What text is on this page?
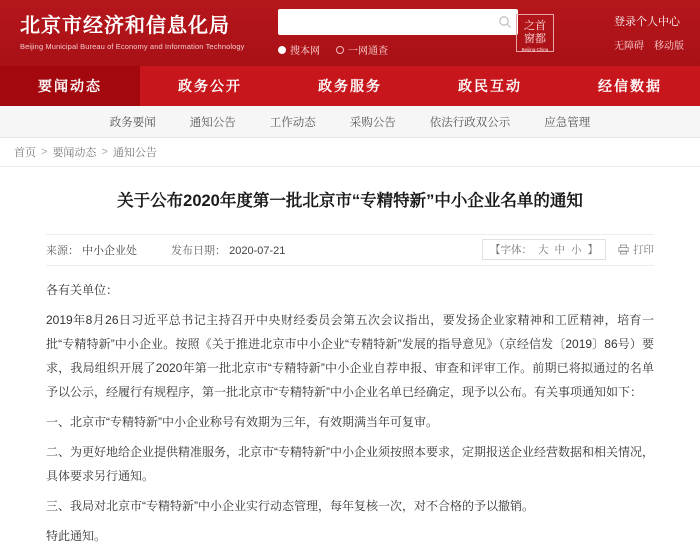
北京市经济和信息化局
Beijing Municipal Bureau of Economy and Information Technology	搜本网	一网通查
之首 窗都
Beijing-China
登录个人中心
无障碍 移动版
要闻动态	政务公开	政务服务	政民互动	经信数据
政务要闻	通知公告	工作动态	采购公告	依法行政双公示	应急管理
首页 > 要闻动态 > 通知公告
关于公布2020年度第一批北京市“专精特新”中小企业名单的通知
来源： 中小企业处	发布日期： 2020-07-21	【字体： 大 中 小 】	打印

各有关单位：

2019年8月26日习近平总书记主持召开中央财经委员会第五次会议指出，要发扬企业家精神和工匠精神，培育一批“专精特新”中小企业。按照《关于推进北京市中小企业“专精特新”发展的指导意见》（京经信发〔2019〕86号）要求，我局组织开展了2020年第一批北京市“专精特新”中小企业自荐申报、审查和评审工作。前期已将拟通过的名单予以公示，经履行有规程序，第一批北京市“专精特新”中小企业名单已经确定，现予以公布。有关事项通知如下：

一、北京市“专精特新”中小企业称号有效期为三年，有效期满当年可复审。

二、为更好地给企业提供精准服务，北京市“专精特新”中小企业须按照本要求，定期报送企业经营数据和相关情况，具体要求另行通知。

三、我局对北京市“专精特新”中小企业实行动态管理，每年复核一次，对不合格的予以撤销。

特此通知。
